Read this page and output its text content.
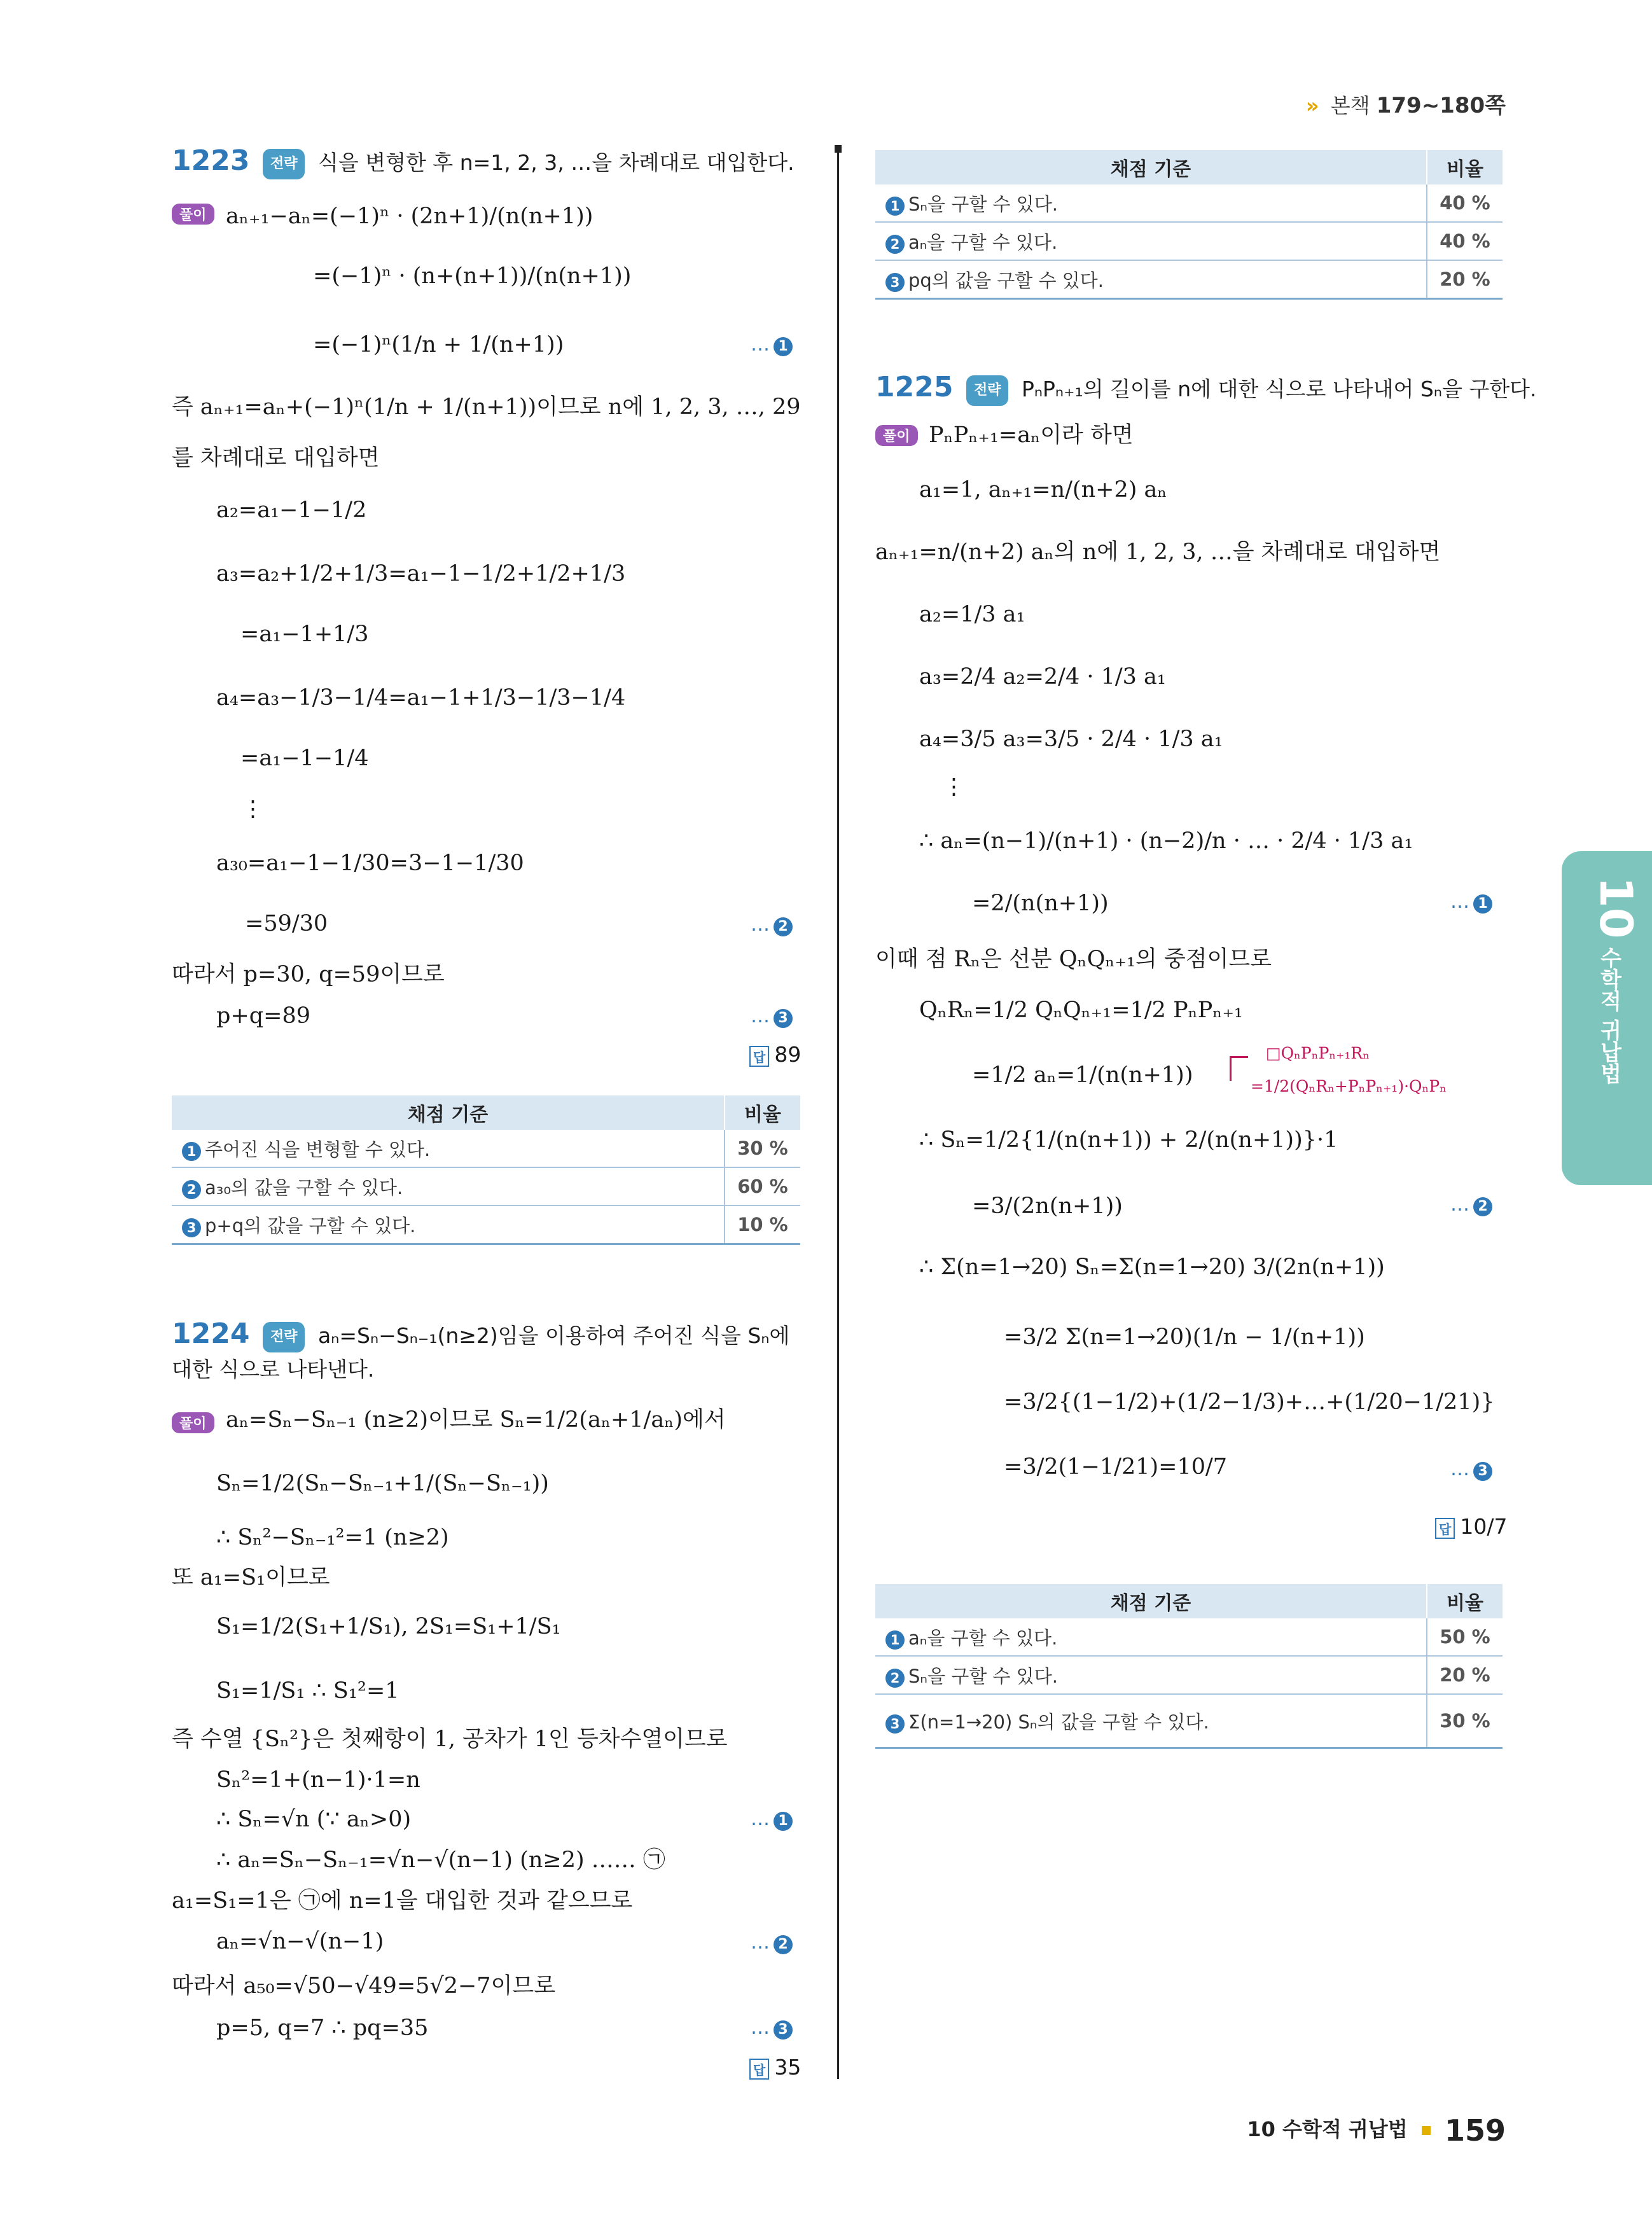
» 본책 179~180쪽
1223 전략 식을 변형한 후 n=1, 2, 3, …을 차례대로 대입한다.
풀이 aₙ₊₁−aₙ=(−1)ⁿ · (2n+1)/(n(n+1))
=(−1)ⁿ · (n+(n+1))/(n(n+1))
=(−1)ⁿ(1/n + 1/(n+1))	… 1
즉 aₙ₊₁=aₙ+(−1)ⁿ(1/n + 1/(n+1))이므로 n에 1, 2, 3, …, 29
를 차례대로 대입하면
a₂=a₁−1−1/2
a₃=a₂+1/2+1/3=a₁−1−1/2+1/2+1/3
=a₁−1+1/3
a₄=a₃−1/3−1/4=a₁−1+1/3−1/3−1/4
=a₁−1−1/4
⋮
a₃₀=a₁−1−1/30=3−1−1/30
=59/30	… 2
따라서 p=30, q=59이므로
p+q=89	… 3
답 89
채점 기준	비율
1 주어진 식을 변형할 수 있다.	30 %
2 a₃₀의 값을 구할 수 있다.	60 %
3 p+q의 값을 구할 수 있다.	10 %
1224 전략 aₙ=Sₙ−Sₙ₋₁(n≥2)임을 이용하여 주어진 식을 Sₙ에
대한 식으로 나타낸다.
풀이 aₙ=Sₙ−Sₙ₋₁ (n≥2)이므로 Sₙ=1/2(aₙ+1/aₙ)에서
Sₙ=1/2(Sₙ−Sₙ₋₁+1/(Sₙ−Sₙ₋₁))
∴ Sₙ²−Sₙ₋₁²=1 (n≥2)
또 a₁=S₁이므로
S₁=1/2(S₁+1/S₁), 2S₁=S₁+1/S₁
S₁=1/S₁ ∴ S₁²=1
즉 수열 {Sₙ²}은 첫째항이 1, 공차가 1인 등차수열이므로
Sₙ²=1+(n−1)·1=n
∴ Sₙ=√n (∵ aₙ>0)	… 1
∴ aₙ=Sₙ−Sₙ₋₁=√n−√(n−1) (n≥2) …… ㉠
a₁=S₁=1은 ㉠에 n=1을 대입한 것과 같으므로
aₙ=√n−√(n−1)	… 2
따라서 a₅₀=√50−√49=5√2−7이므로
p=5, q=7 ∴ pq=35	… 3
답 35
채점 기준	비율
1 Sₙ을 구할 수 있다.	40 %
2 aₙ을 구할 수 있다.	40 %
3 pq의 값을 구할 수 있다.	20 %
1225 전략 PₙPₙ₊₁의 길이를 n에 대한 식으로 나타내어 Sₙ을 구한다.
풀이 PₙPₙ₊₁=aₙ이라 하면
a₁=1, aₙ₊₁=n/(n+2) aₙ
aₙ₊₁=n/(n+2) aₙ의 n에 1, 2, 3, …을 차례대로 대입하면
a₂=1/3 a₁
a₃=2/4 a₂=2/4 · 1/3 a₁
a₄=3/5 a₃=3/5 · 2/4 · 1/3 a₁
⋮
∴ aₙ=(n−1)/(n+1) · (n−2)/n · … · 2/4 · 1/3 a₁
=2/(n(n+1))	… 1
이때 점 Rₙ은 선분 QₙQₙ₊₁의 중점이므로
QₙRₙ=1/2 QₙQₙ₊₁=1/2 PₙPₙ₊₁
=1/2 aₙ=1/(n(n+1))
□QₙPₙPₙ₊₁Rₙ
=1/2(QₙRₙ+PₙPₙ₊₁)·QₙPₙ
∴ Sₙ=1/2{1/(n(n+1)) + 2/(n(n+1))}·1
=3/(2n(n+1))	… 2
∴ Σ(n=1→20) Sₙ=Σ(n=1→20) 3/(2n(n+1))
=3/2 Σ(n=1→20)(1/n − 1/(n+1))
=3/2{(1−1/2)+(1/2−1/3)+…+(1/20−1/21)}
=3/2(1−1/21)=10/7	… 3
답 10/7
채점 기준	비율
1 aₙ을 구할 수 있다.	50 %
2 Sₙ을 구할 수 있다.	20 %
3 Σ(n=1→20) Sₙ의 값을 구할 수 있다.	30 %
10
수학적 귀납법
10 수학적 귀납법 159
